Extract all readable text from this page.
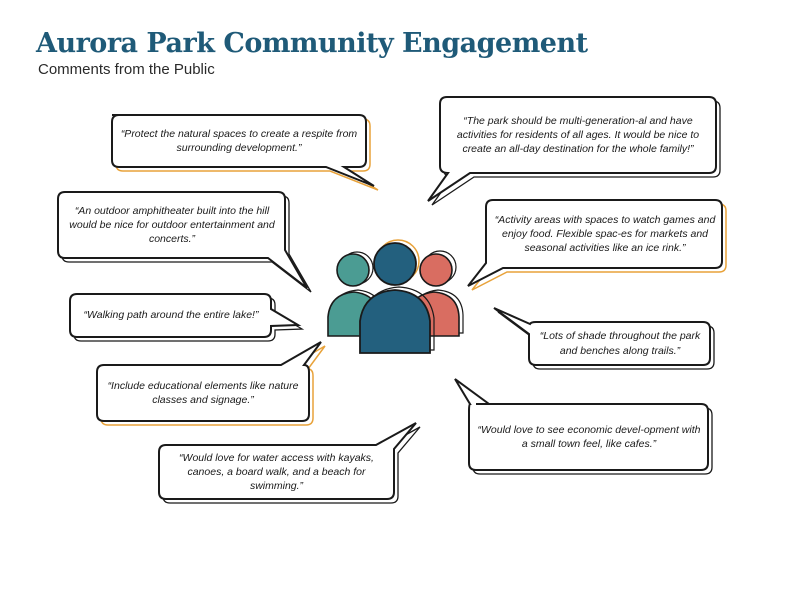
Aurora Park Community Engagement
Comments from the Public
“Protect the natural spaces to create a respite from surrounding development.”
“The park should be multi-generation-al and have activities for residents of all ages. It would be nice to create an all-day destination for the whole family!”
“An outdoor amphitheater built into the hill would be nice for outdoor entertainment and concerts.”
“Activity areas with spaces to watch games and enjoy food. Flexible spac-es for markets and seasonal activities like an ice rink.”
“Walking path around the entire lake!”
“Lots of shade throughout the park and benches along trails.”
“Include educational elements like nature classes and signage.”
“Would love to see economic devel-opment with a small town feel, like cafes.”
“Would love for water access with kayaks, canoes, a board walk, and a beach for swimming.”
